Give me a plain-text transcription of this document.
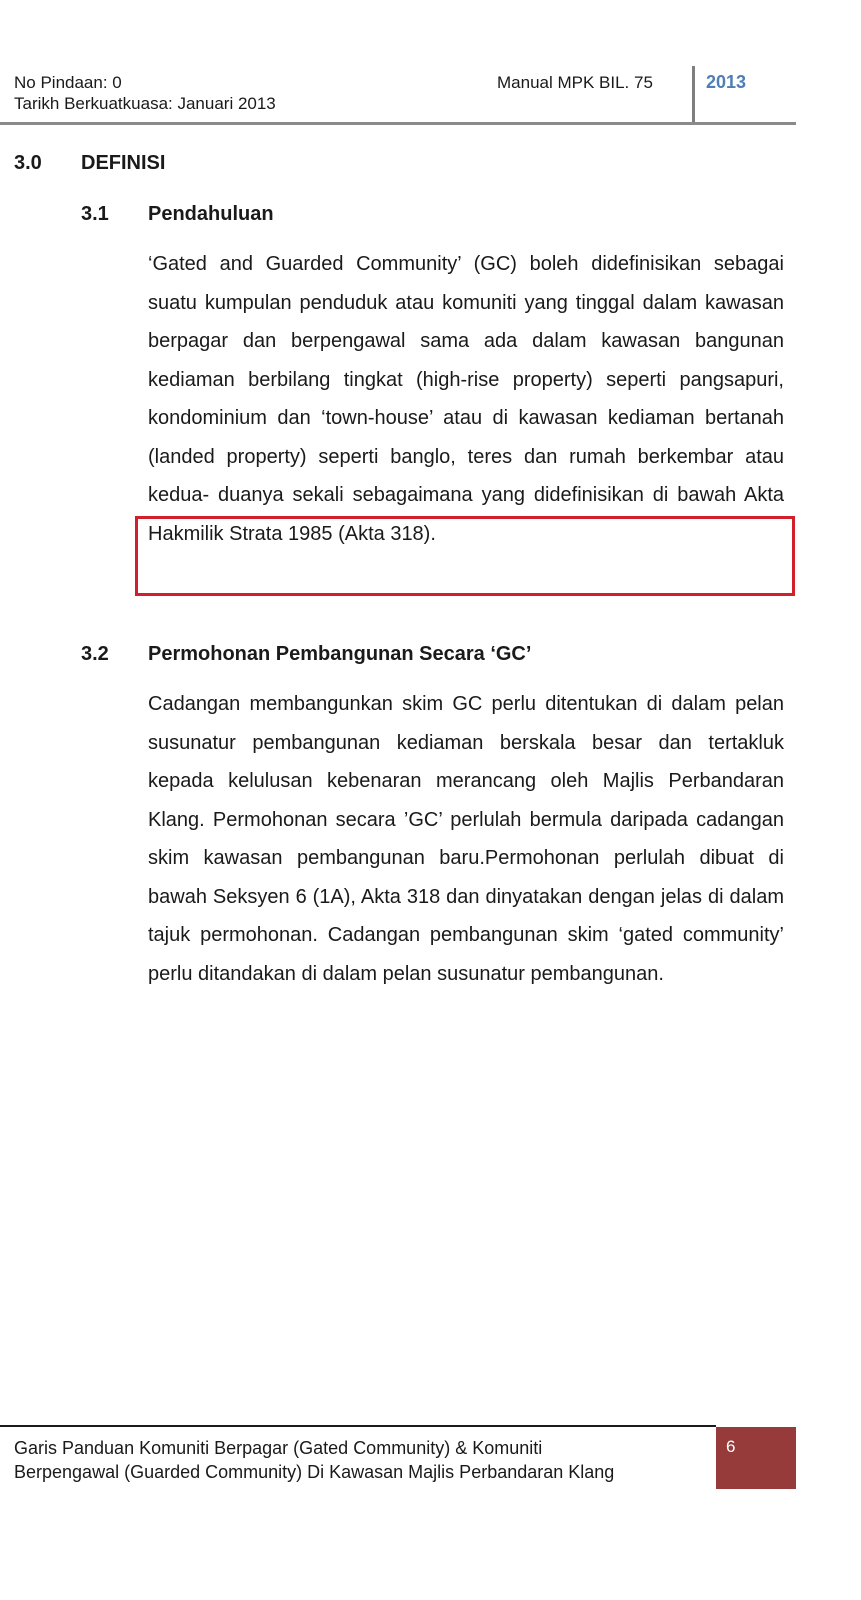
No Pindaan: 0
Tarikh Berkuatkuasa: Januari 2013
Manual MPK BIL. 75	2013
3.0 DEFINISI
3.1 Pendahuluan
‘Gated and Guarded Community’ (GC) boleh didefinisikan sebagai suatu kumpulan penduduk atau komuniti yang tinggal dalam kawasan berpagar dan berpengawal sama ada dalam kawasan bangunan kediaman berbilang tingkat (high-rise property) seperti pangsapuri, kondominium dan ‘town-house’ atau di kawasan kediaman bertanah (landed property) seperti banglo, teres dan rumah berkembar atau kedua- duanya sekali sebagaimana yang didefinisikan di bawah Akta Hakmilik Strata 1985 (Akta 318).
3.2 Permohonan Pembangunan Secara ‘GC’
Cadangan membangunkan skim GC perlu ditentukan di dalam pelan susunatur pembangunan kediaman berskala besar dan tertakluk kepada kelulusan kebenaran merancang oleh Majlis Perbandaran Klang. Permohonan secara ’GC’ perlulah bermula daripada cadangan skim kawasan pembangunan baru.Permohonan perlulah dibuat di bawah Seksyen 6 (1A), Akta 318 dan dinyatakan dengan jelas di dalam tajuk permohonan. Cadangan pembangunan skim ‘gated community’ perlu ditandakan di dalam pelan susunatur pembangunan.
Garis Panduan Komuniti Berpagar (Gated Community) & Komuniti
Berpengawal (Guarded Community) Di Kawasan Majlis Perbandaran Klang
6
